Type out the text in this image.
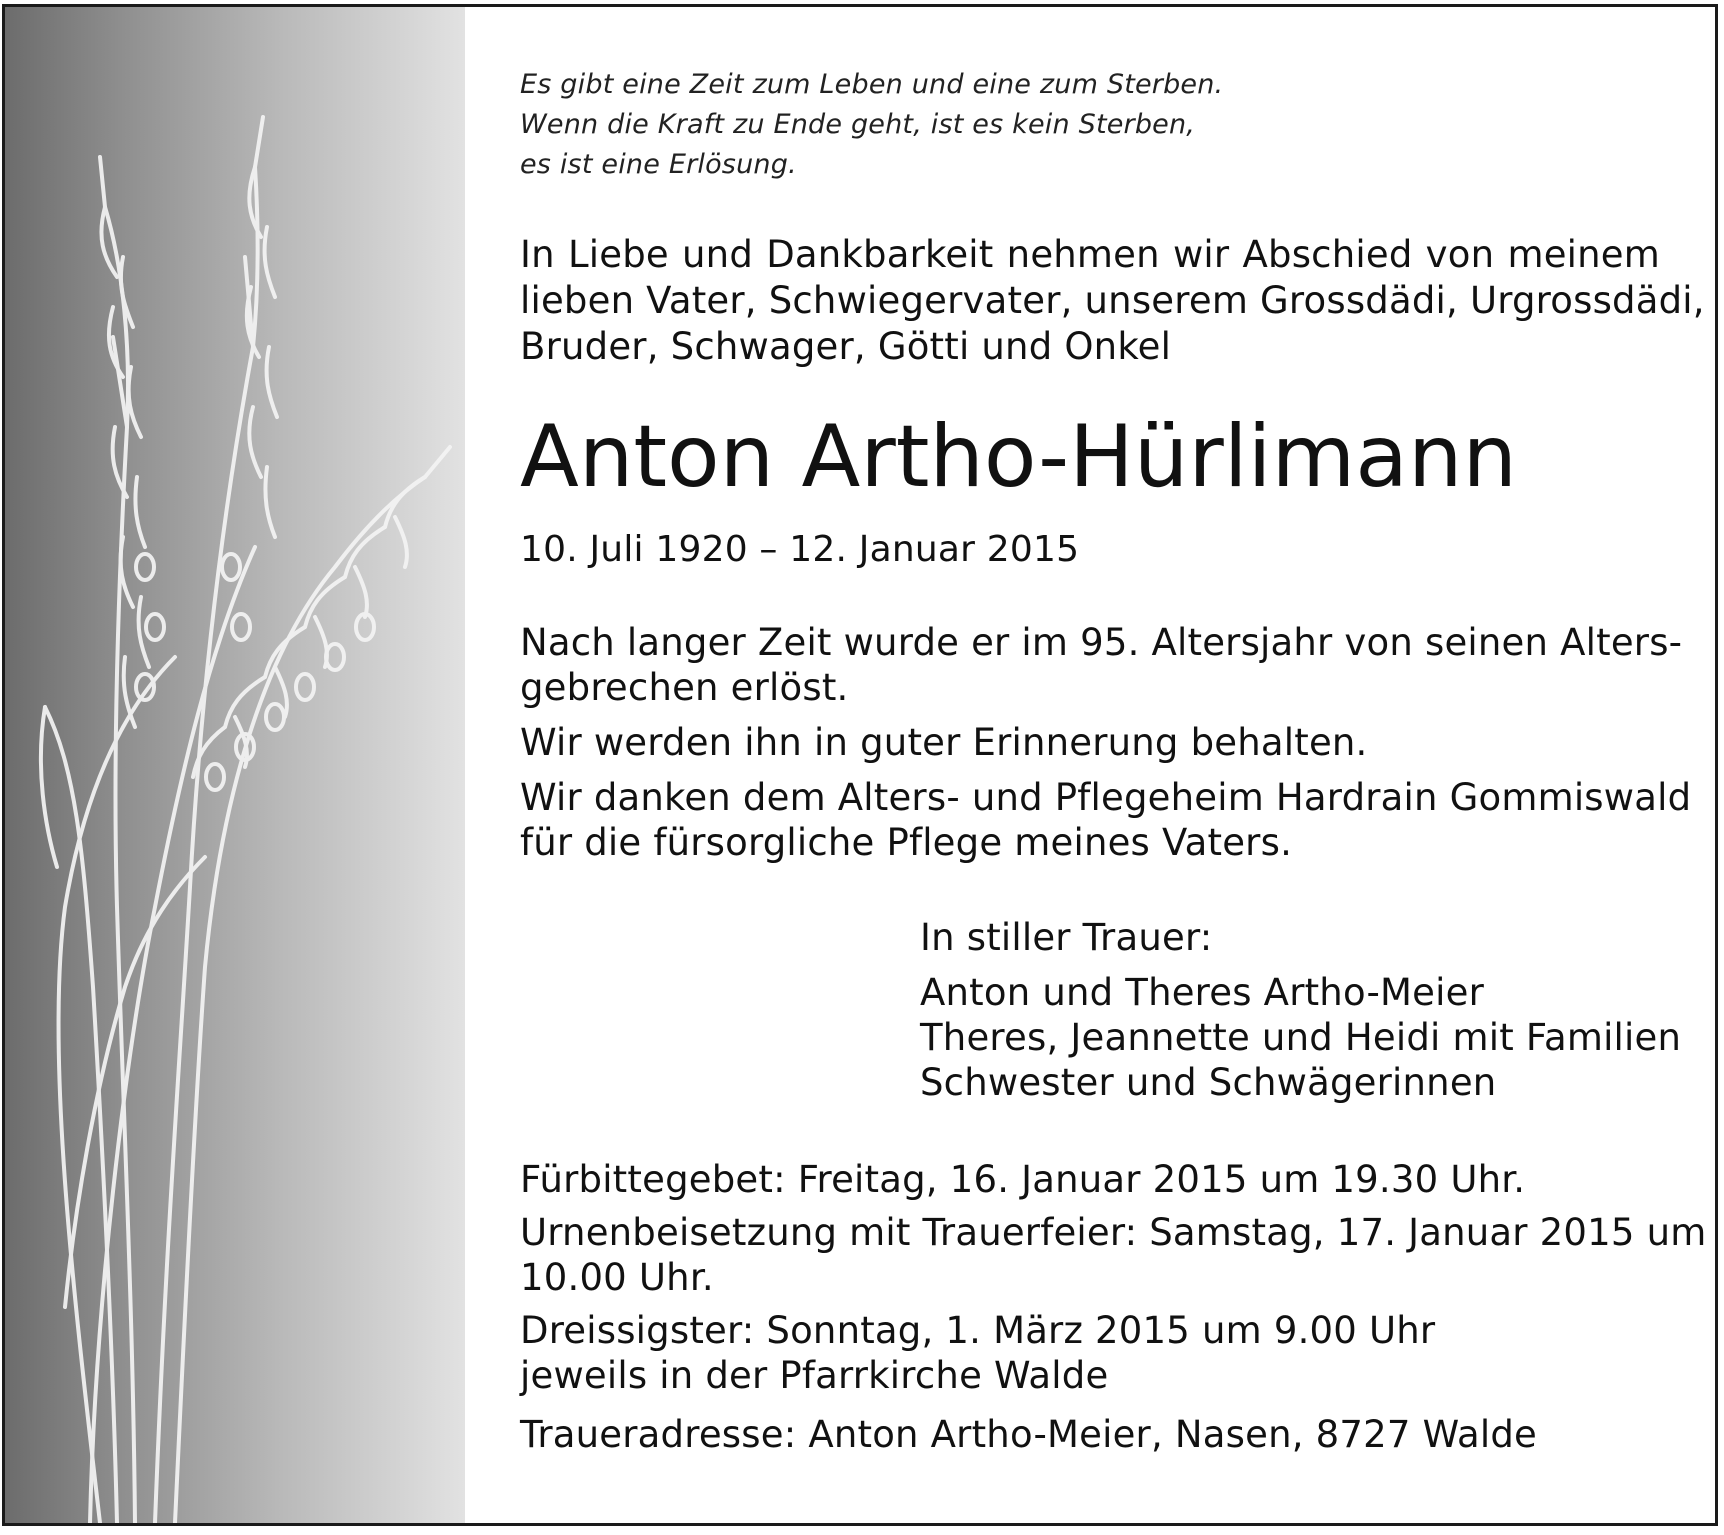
Es gibt eine Zeit zum Leben und eine zum Sterben.
Wenn die Kraft zu Ende geht, ist es kein Sterben,
es ist eine Erlösung.
In Liebe und Dankbarkeit nehmen wir Abschied von meinem
lieben Vater, Schwiegervater, unserem Grossdädi, Urgrossdädi,
Bruder, Schwager, Götti und Onkel
Anton Artho-Hürlimann
10. Juli 1920 – 12. Januar 2015

Nach langer Zeit wurde er im 95. Altersjahr von seinen Alters-
gebrechen erlöst.

Wir werden ihn in guter Erinnerung behalten.

Wir danken dem Alters- und Pflegeheim Hardrain Gommiswald
für die fürsorgliche Pflege meines Vaters.

In stiller Trauer:
Anton und Theres Artho-Meier
Theres, Jeannette und Heidi mit Familien
Schwester und Schwägerinnen

Fürbittegebet: Freitag, 16. Januar 2015 um 19.30 Uhr.

Urnenbeisetzung mit Trauerfeier: Samstag, 17. Januar 2015 um
10.00 Uhr.

Dreissigster: Sonntag, 1. März 2015 um 9.00 Uhr

jeweils in der Pfarrkirche Walde

Traueradresse: Anton Artho-Meier, Nasen, 8727 Walde
